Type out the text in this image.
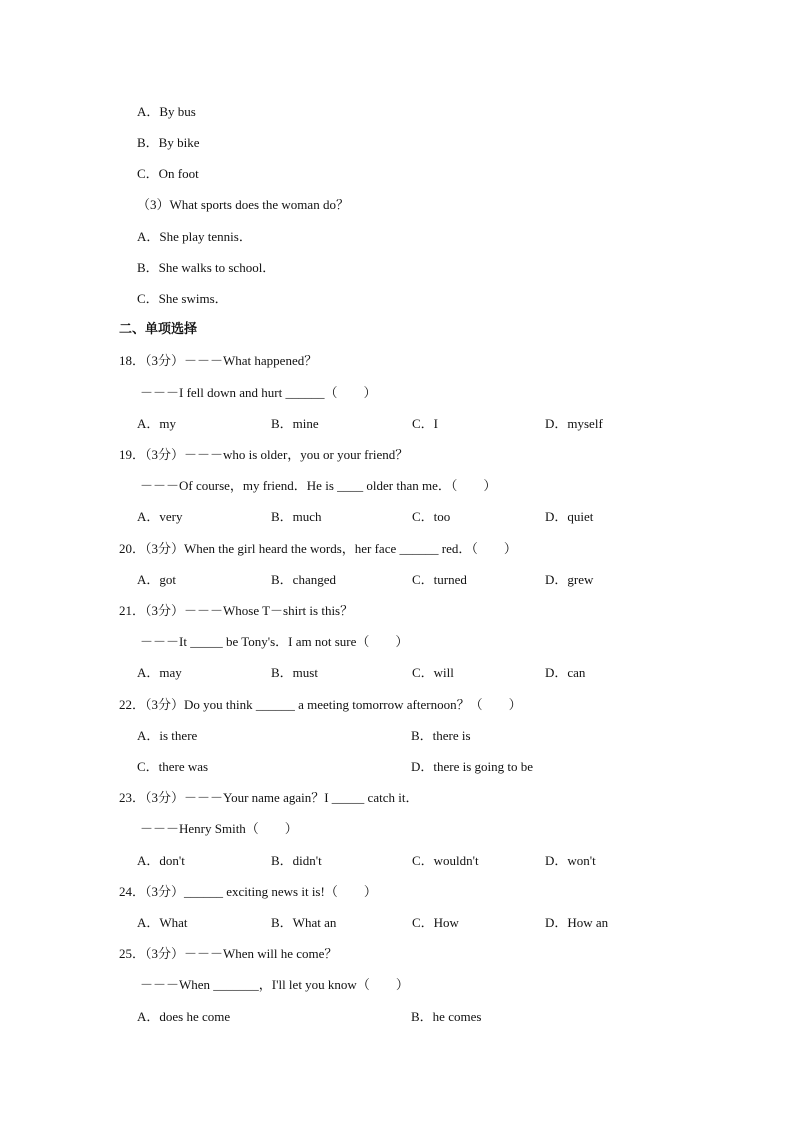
A．By bus
B．By bike
C．On foot
（3）What sports does the woman do？
A．She play tennis．
B．She walks to school．
C．She swims．
二、单项选择
18．（3分）－－－What happened？
－－－I fell down and hurt ______（　　）
A．my	B．mine	C．I	D．myself
19．（3分）－－－who is older，you or your friend？
－－－Of course，my friend．He is ____ older than me．（　　）
A．very	B．much	C．too	D．quiet
20．（3分）When the girl heard the words，her face ______ red．（　　）
A．got	B．changed	C．turned	D．grew
21．（3分）－－－Whose T－shirt is this？
－－－It _____ be Tony's．I am not sure（　　）
A．may	B．must	C．will	D．can
22．（3分）Do you think ______ a meeting tomorrow afternoon？（　　）
A．is there	B．there is
C．there was	D．there is going to be
23．（3分）－－－Your name again？I _____ catch it．
－－－Henry Smith（　　）
A．don't	B．didn't	C．wouldn't	D．won't
24．（3分）______ exciting news it is!（　　）
A．What	B．What an	C．How	D．How an
25．（3分）－－－When will he come？
－－－When _______，I'll let you know（　　）
A．does he come	B．he comes
